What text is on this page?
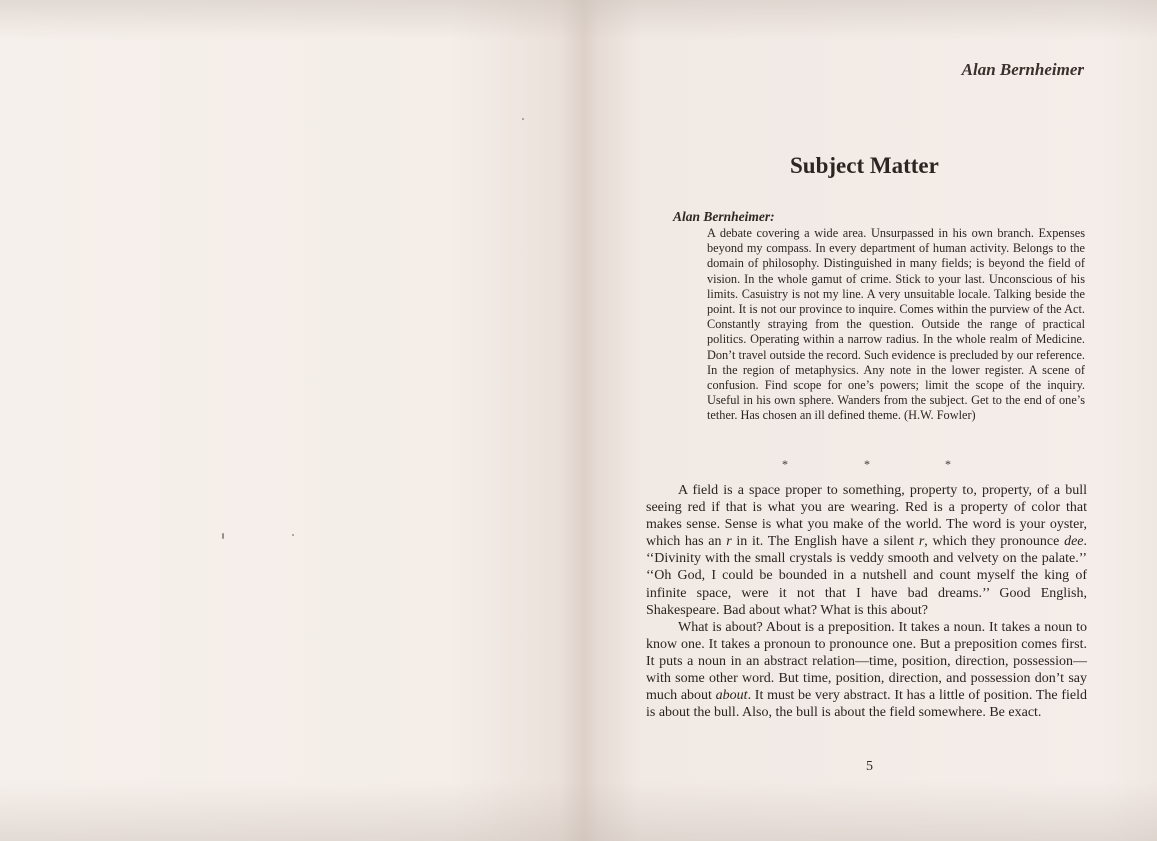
Alan Bernheimer
Subject Matter
Alan Bernheimer:
A debate covering a wide area. Unsurpassed in his own branch. Expenses beyond my compass. In every department of human activity. Belongs to the domain of philosophy. Distinguished in many fields; is beyond the field of vision. In the whole gamut of crime. Stick to your last. Unconscious of his limits. Casuistry is not my line. A very unsuitable locale. Talking beside the point. It is not our province to inquire. Comes within the purview of the Act. Constantly straying from the question. Outside the range of practical politics. Operating within a narrow radius. In the whole realm of Medicine. Don’t travel outside the record. Such evidence is precluded by our reference. In the region of metaphysics. Any note in the lower register. A scene of confusion. Find scope for one’s powers; limit the scope of the inquiry. Useful in his own sphere. Wanders from the subject. Get to the end of one’s tether. Has chosen an ill defined theme. (H.W. Fowler)
*	*	*

A field is a space proper to something, property to, property, of a bull seeing red if that is what you are wearing. Red is a property of color that makes sense. Sense is what you make of the world. The word is your oyster, which has an r in it. The English have a silent r, which they pronounce dee. ‘‘Divinity with the small crystals is veddy smooth and velvety on the palate.’’ ‘‘Oh God, I could be bounded in a nutshell and count myself the king of infinite space, were it not that I have bad dreams.’’ Good English, Shakespeare. Bad about what? What is this about?

What is about? About is a preposition. It takes a noun. It takes a noun to know one. It takes a pronoun to pronounce one. But a preposition comes first. It puts a noun in an abstract relation—time, position, direction, possession—with some other word. But time, position, direction, and possession don’t say much about about. It must be very abstract. It has a little of position. The field is about the bull. Also, the bull is about the field somewhere. Be exact.

5
